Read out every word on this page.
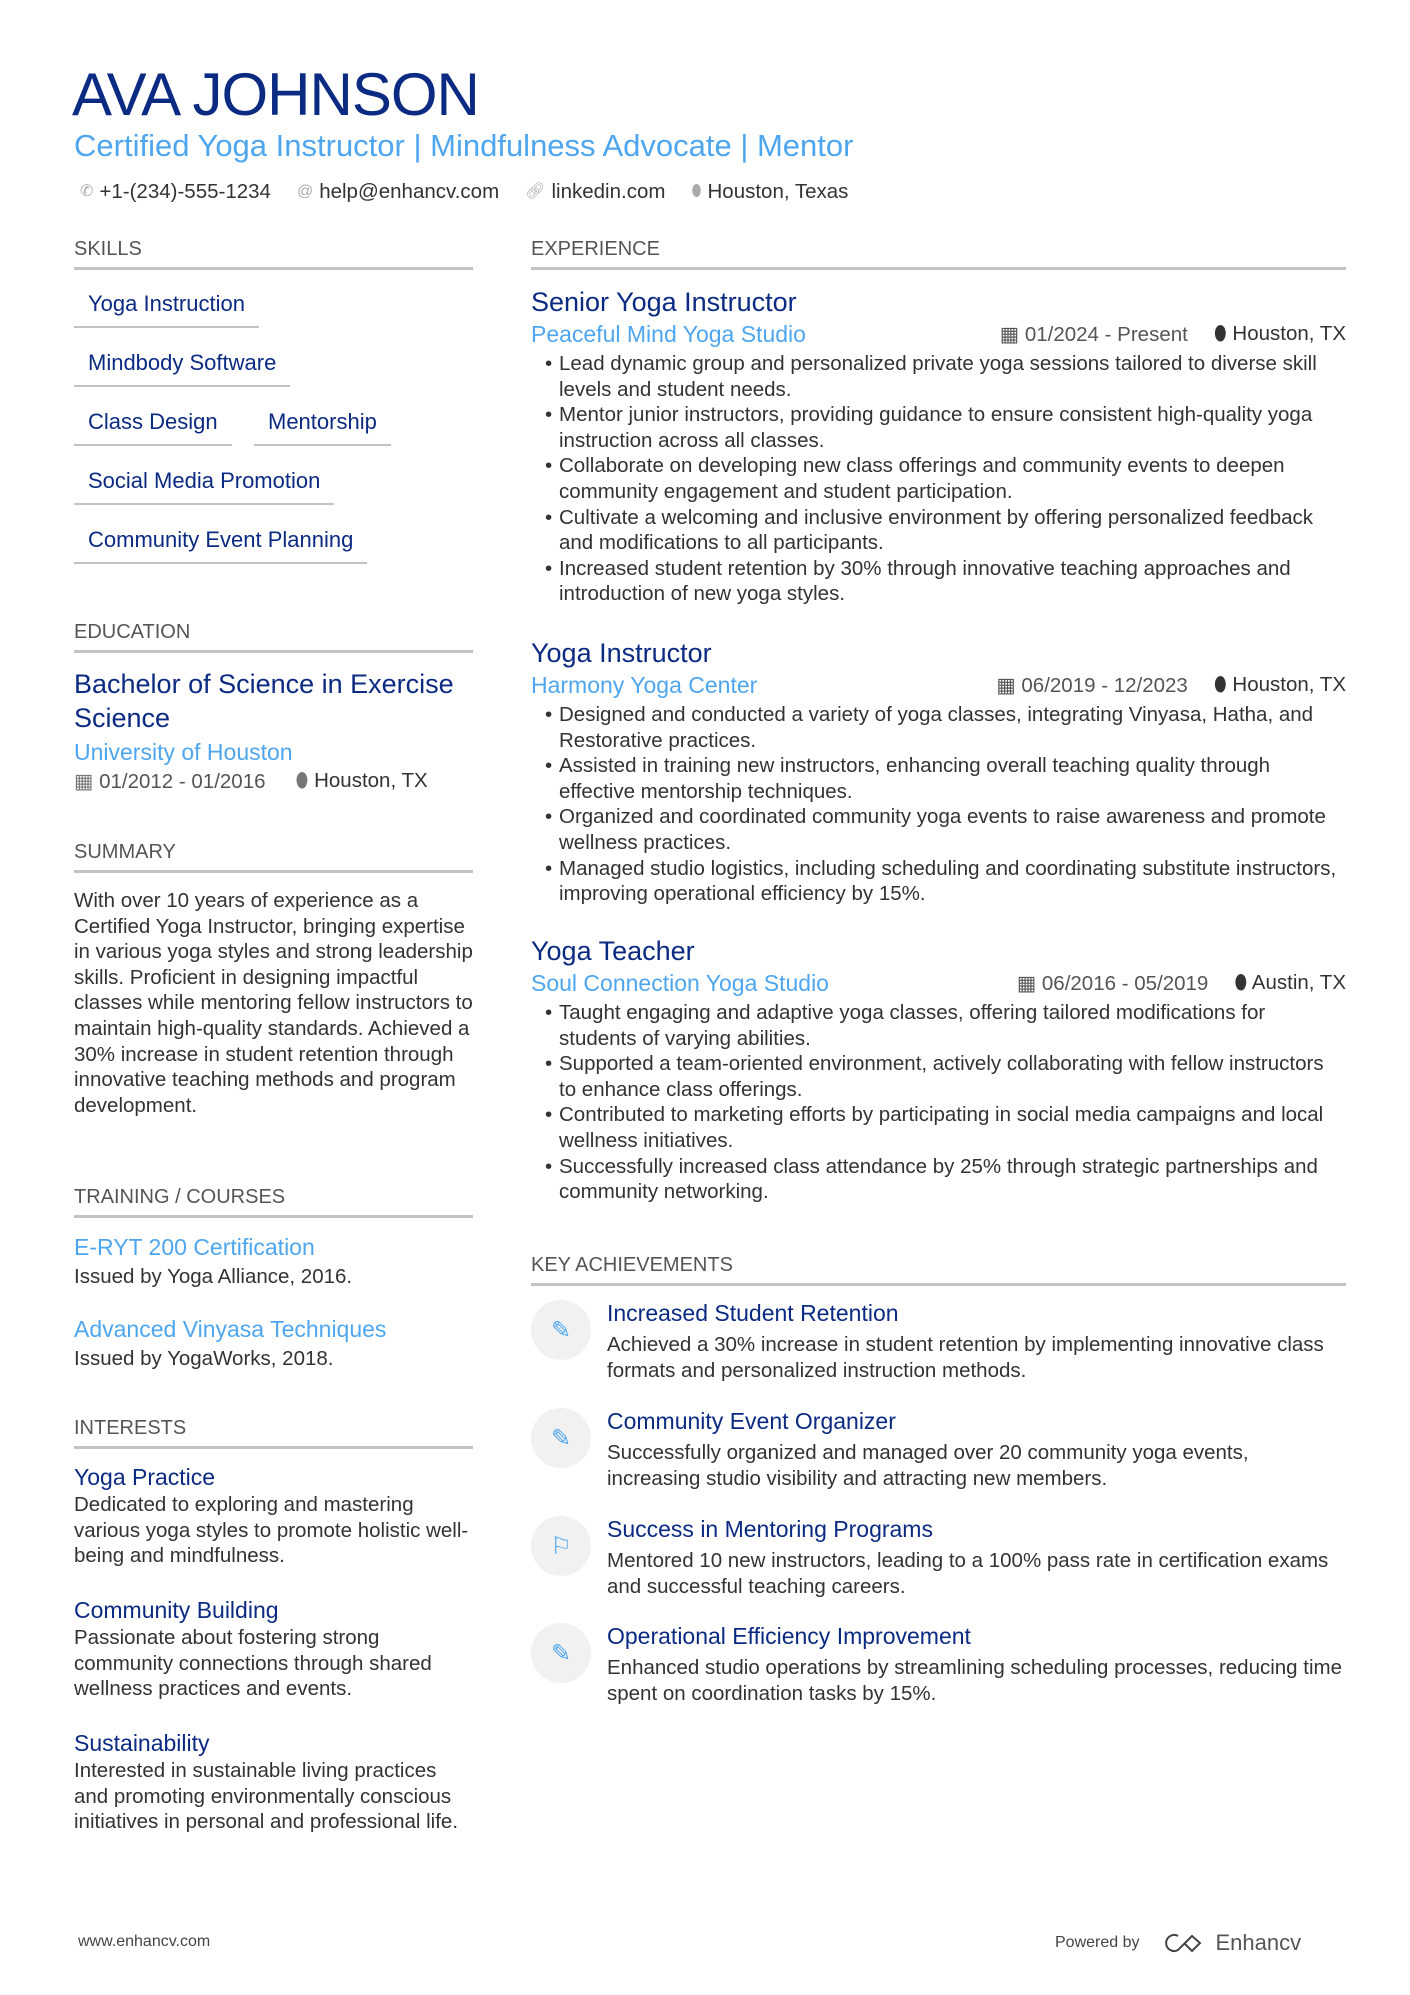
AVA JOHNSON
Certified Yoga Instructor | Mindfulness Advocate | Mentor
✆ +1-(234)-555-1234 @ help@enhancv.com 🔗︎ linkedin.com ⬮ Houston, Texas
SKILLS
Yoga Instruction
Mindbody Software
Class Design	Mentorship
Social Media Promotion
Community Event Planning
EDUCATION
Bachelor of Science in Exercise Science
University of Houston
▦ 01/2012 - 01/2016 ⬮ Houston, TX
SUMMARY
With over 10 years of experience as a Certified Yoga Instructor, bringing expertise in various yoga styles and strong leadership skills. Proficient in designing impactful classes while mentoring fellow instructors to maintain high-quality standards. Achieved a 30% increase in student retention through innovative teaching methods and program development.
TRAINING / COURSES
E-RYT 200 Certification
Issued by Yoga Alliance, 2016.
Advanced Vinyasa Techniques
Issued by YogaWorks, 2018.
INTERESTS
Yoga Practice
Dedicated to exploring and mastering various yoga styles to promote holistic well-being and mindfulness.
Community Building
Passionate about fostering strong community connections through shared wellness practices and events.
Sustainability
Interested in sustainable living practices and promoting environmentally conscious initiatives in personal and professional life.
EXPERIENCE
Senior Yoga Instructor
Peaceful Mind Yoga Studio	▦ 01/2024 - Present ⬮ Houston, TX
• Lead dynamic group and personalized private yoga sessions tailored to diverse skill levels and student needs.
• Mentor junior instructors, providing guidance to ensure consistent high-quality yoga instruction across all classes.
• Collaborate on developing new class offerings and community events to deepen community engagement and student participation.
• Cultivate a welcoming and inclusive environment by offering personalized feedback and modifications to all participants.
• Increased student retention by 30% through innovative teaching approaches and introduction of new yoga styles.
Yoga Instructor
Harmony Yoga Center	▦ 06/2019 - 12/2023 ⬮ Houston, TX
• Designed and conducted a variety of yoga classes, integrating Vinyasa, Hatha, and Restorative practices.
• Assisted in training new instructors, enhancing overall teaching quality through effective mentorship techniques.
• Organized and coordinated community yoga events to raise awareness and promote wellness practices.
• Managed studio logistics, including scheduling and coordinating substitute instructors, improving operational efficiency by 15%.
Yoga Teacher
Soul Connection Yoga Studio	▦ 06/2016 - 05/2019 ⬮ Austin, TX
• Taught engaging and adaptive yoga classes, offering tailored modifications for students of varying abilities.
• Supported a team-oriented environment, actively collaborating with fellow instructors to enhance class offerings.
• Contributed to marketing efforts by participating in social media campaigns and local wellness initiatives.
• Successfully increased class attendance by 25% through strategic partnerships and community networking.
KEY ACHIEVEMENTS
✎
Increased Student Retention
Achieved a 30% increase in student retention by implementing innovative class formats and personalized instruction methods.
✎
Community Event Organizer
Successfully organized and managed over 20 community yoga events, increasing studio visibility and attracting new members.
⚐
Success in Mentoring Programs
Mentored 10 new instructors, leading to a 100% pass rate in certification exams and successful teaching careers.
✎
Operational Efficiency Improvement
Enhanced studio operations by streamlining scheduling processes, reducing time spent on coordination tasks by 15%.
www.enhancv.com	Powered by	Enhancv
